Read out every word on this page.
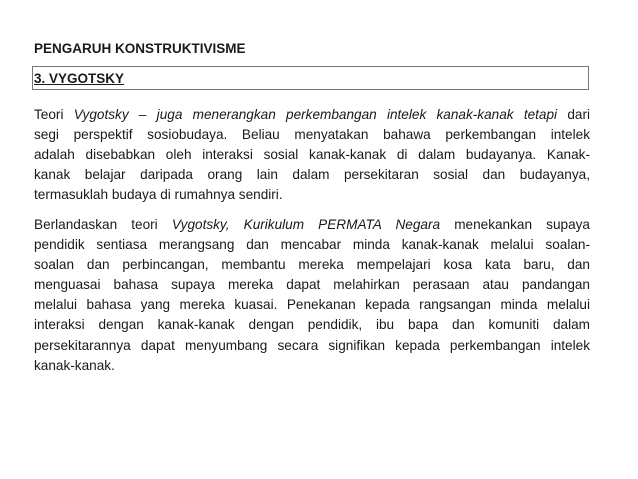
PENGARUH KONSTRUKTIVISME
3. VYGOTSKY
Teori Vygotsky – juga menerangkan perkembangan intelek kanak-kanak tetapi dari
segi perspektif sosiobudaya. Beliau menyatakan bahawa perkembangan intelek
adalah disebabkan oleh interaksi sosial kanak-kanak di dalam budayanya. Kanak-
kanak belajar daripada orang lain dalam persekitaran sosial dan budayanya,
termasuklah budaya di rumahnya sendiri.
Berlandaskan teori Vygotsky, Kurikulum PERMATA Negara menekankan supaya
pendidik sentiasa merangsang dan mencabar minda kanak-kanak melalui soalan-
soalan dan perbincangan, membantu mereka mempelajari kosa kata baru, dan
menguasai bahasa supaya mereka dapat melahirkan perasaan atau pandangan
melalui bahasa yang mereka kuasai. Penekanan kepada rangsangan minda melalui
interaksi dengan kanak-kanak dengan pendidik, ibu bapa dan komuniti dalam
persekitarannya dapat menyumbang secara signifikan kepada perkembangan intelek
kanak-kanak.
